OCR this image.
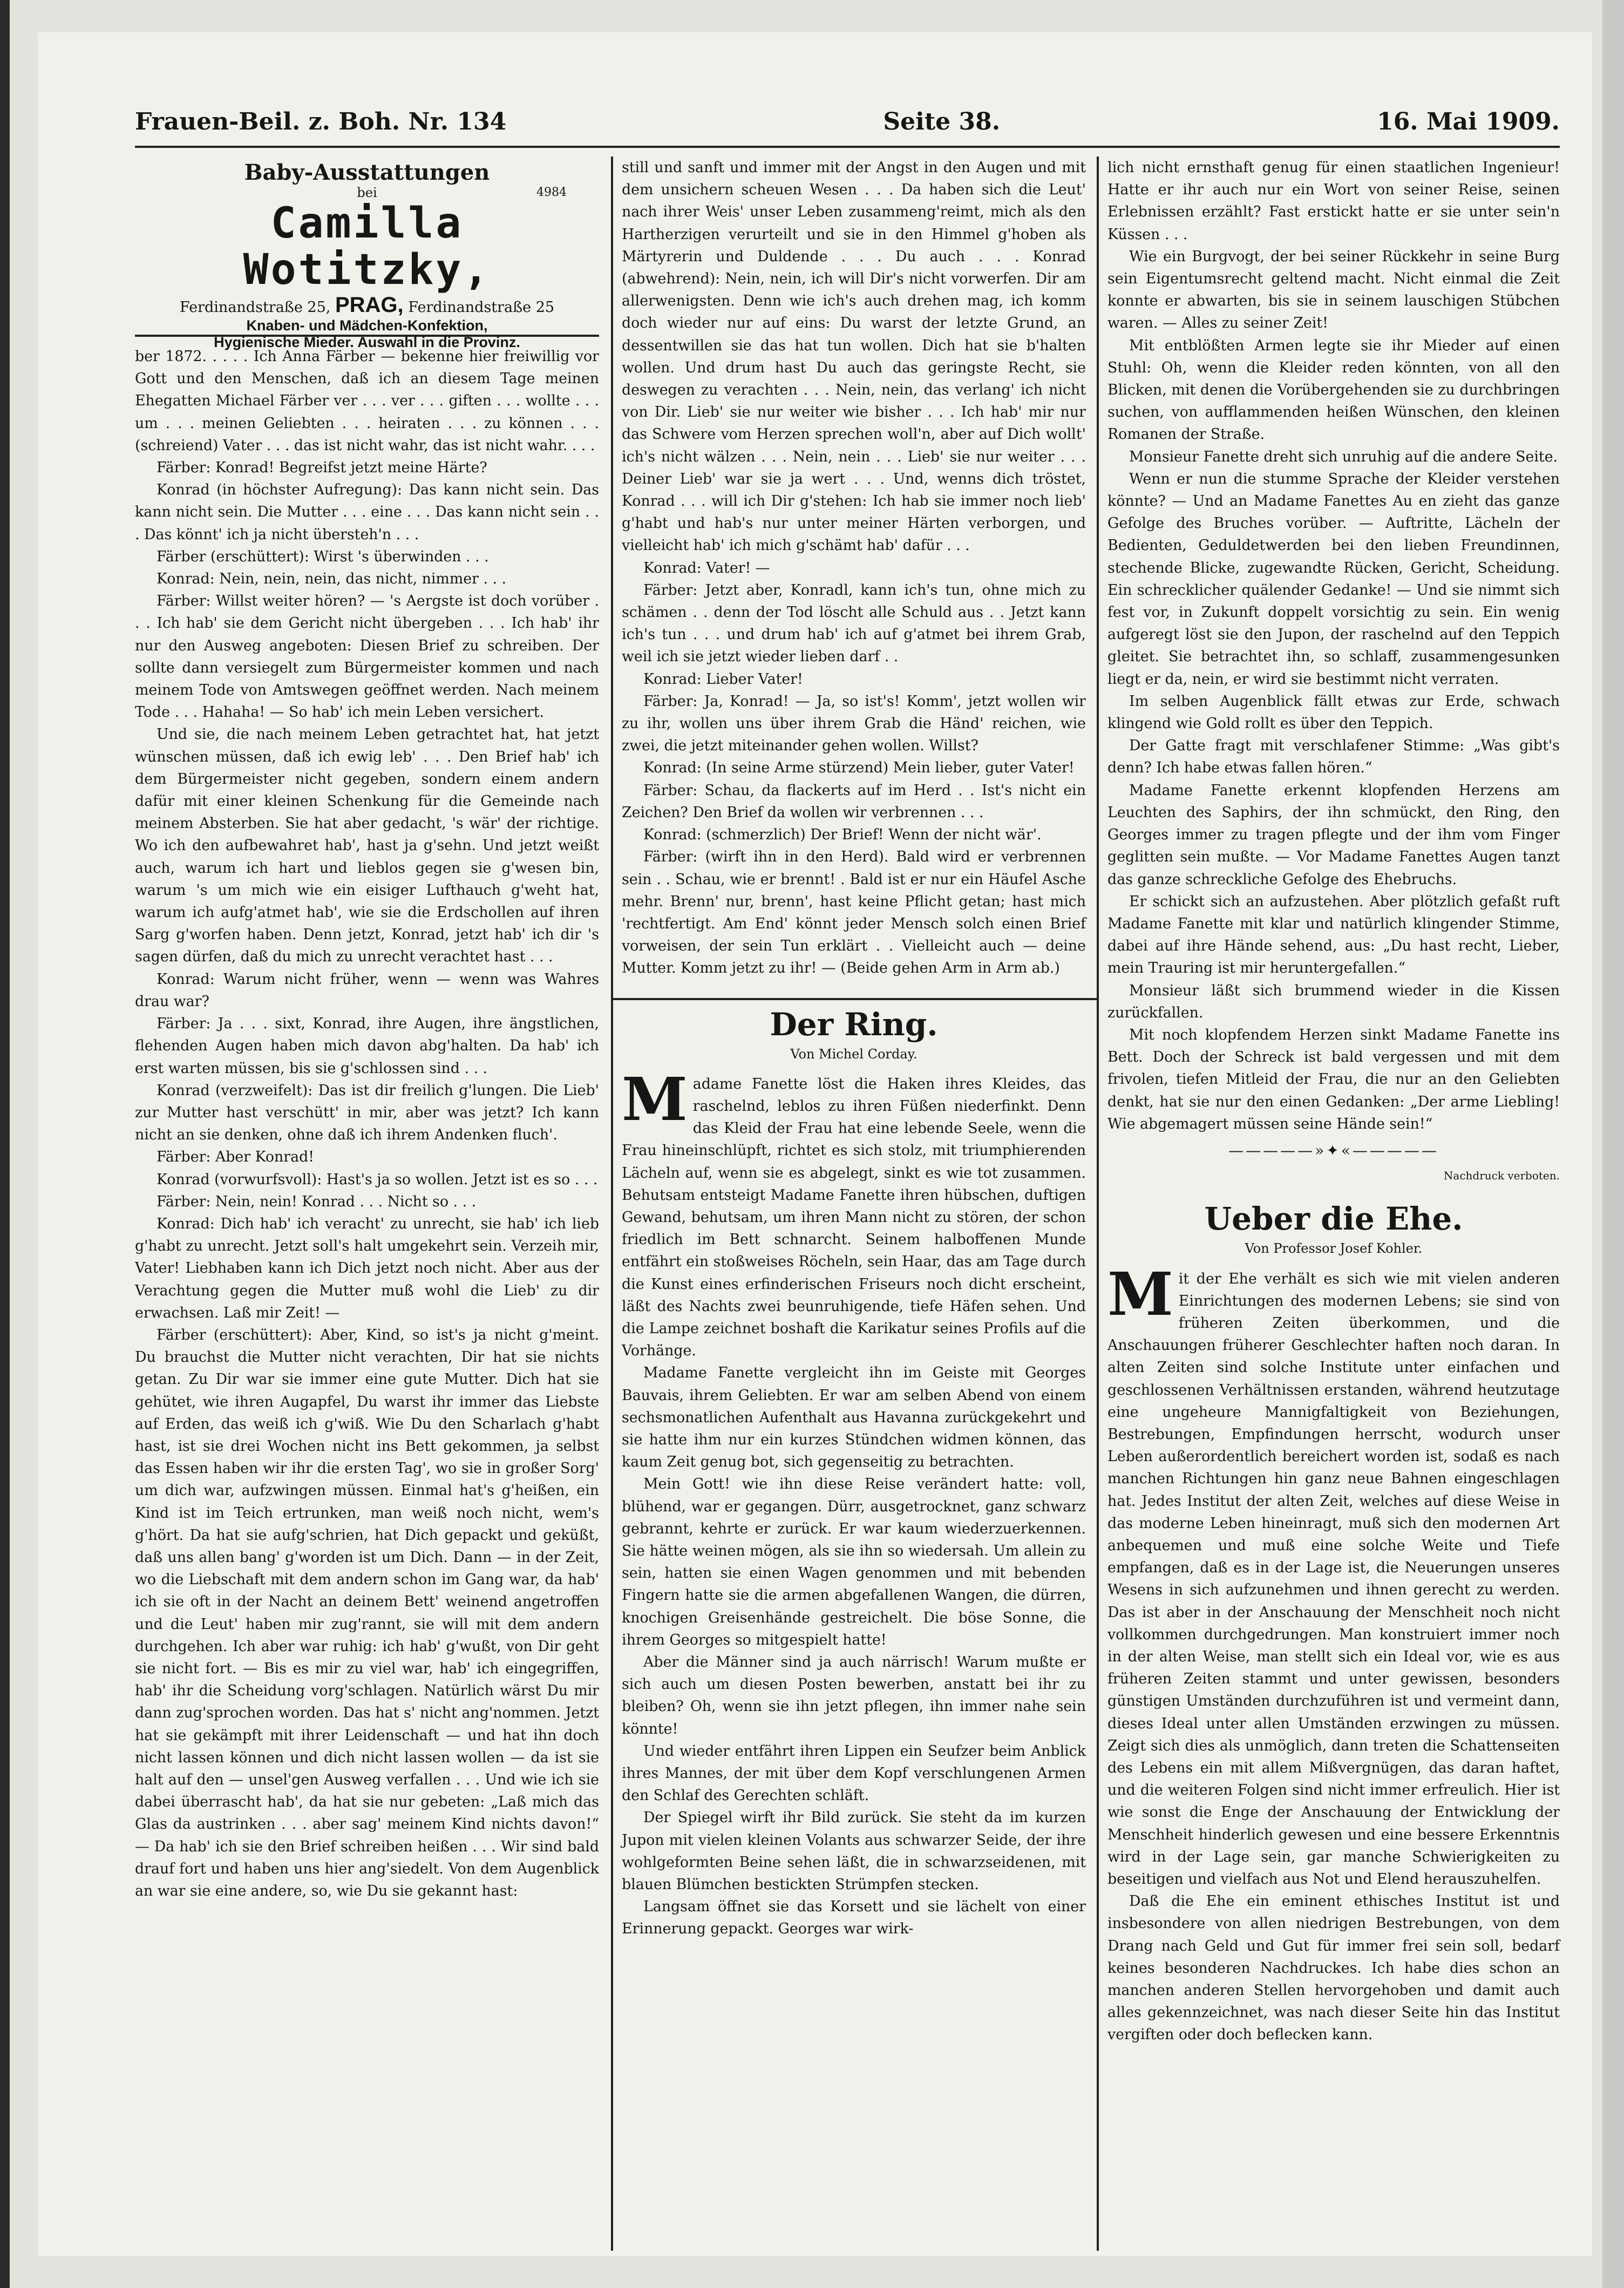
Frauen-Beil. z. Boh. Nr. 134	Seite 38.	16. Mai 1909.
Baby-Ausstattungen
bei	4984
Camilla Wotitzky,
Ferdinandstraße 25, PRAG, Ferdinandstraße 25
Knaben- und Mädchen-Konfektion,
Hygienische Mieder. Auswahl in die Provinz.

ber 1872. . . . . Ich Anna Färber — bekenne hier freiwillig vor Gott und den Menschen, daß ich an diesem Tage meinen Ehegatten Michael Färber ver . . . ver . . . giften . . . wollte . . . um . . . meinen Geliebten . . . heiraten . . . zu können . . . (schreiend) Vater . . . das ist nicht wahr, das ist nicht wahr. . . .

Färber: Konrad! Begreifst jetzt meine Härte?

Konrad (in höchster Aufregung): Das kann nicht sein. Das kann nicht sein. Die Mutter . . . eine . . . Das kann nicht sein . . . Das könnt' ich ja nicht übersteh'n . . .

Färber (erschüttert): Wirst 's überwinden . . .

Konrad: Nein, nein, nein, das nicht, nimmer . . .

Färber: Willst weiter hören? — 's Aergste ist doch vorüber . . . Ich hab' sie dem Gericht nicht übergeben . . . Ich hab' ihr nur den Ausweg angeboten: Diesen Brief zu schreiben. Der sollte dann versiegelt zum Bürgermeister kommen und nach meinem Tode von Amtswegen geöffnet werden. Nach meinem Tode . . . Hahaha! — So hab' ich mein Leben versichert.

Und sie, die nach meinem Leben getrachtet hat, hat jetzt wünschen müssen, daß ich ewig leb' . . . Den Brief hab' ich dem Bürgermeister nicht gegeben, sondern einem andern dafür mit einer kleinen Schenkung für die Gemeinde nach meinem Absterben. Sie hat aber gedacht, 's wär' der richtige. Wo ich den aufbewahret hab', hast ja g'sehn. Und jetzt weißt auch, warum ich hart und lieblos gegen sie g'wesen bin, warum 's um mich wie ein eisiger Lufthauch g'weht hat, warum ich aufg'atmet hab', wie sie die Erdschollen auf ihren Sarg g'worfen haben. Denn jetzt, Konrad, jetzt hab' ich dir 's sagen dürfen, daß du mich zu unrecht verachtet hast . . .

Konrad: Warum nicht früher, wenn — wenn was Wahres drau war?

Färber: Ja . . . sixt, Konrad, ihre Augen, ihre ängstlichen, flehenden Augen haben mich davon abg'halten. Da hab' ich erst warten müssen, bis sie g'schlossen sind . . .

Konrad (verzweifelt): Das ist dir freilich g'lungen. Die Lieb' zur Mutter hast verschütt' in mir, aber was jetzt? Ich kann nicht an sie denken, ohne daß ich ihrem Andenken fluch'.

Färber: Aber Konrad!

Konrad (vorwurfsvoll): Hast's ja so wollen. Jetzt ist es so . . .

Färber: Nein, nein! Konrad . . . Nicht so . . .

Konrad: Dich hab' ich veracht' zu unrecht, sie hab' ich lieb g'habt zu unrecht. Jetzt soll's halt umgekehrt sein. Verzeih mir, Vater! Liebhaben kann ich Dich jetzt noch nicht. Aber aus der Verachtung gegen die Mutter muß wohl die Lieb' zu dir erwachsen. Laß mir Zeit! —

Färber (erschüttert): Aber, Kind, so ist's ja nicht g'meint. Du brauchst die Mutter nicht verachten, Dir hat sie nichts getan. Zu Dir war sie immer eine gute Mutter. Dich hat sie gehütet, wie ihren Augapfel, Du warst ihr immer das Liebste auf Erden, das weiß ich g'wiß. Wie Du den Scharlach g'habt hast, ist sie drei Wochen nicht ins Bett gekommen, ja selbst das Essen haben wir ihr die ersten Tag', wo sie in großer Sorg' um dich war, aufzwingen müssen. Einmal hat's g'heißen, ein Kind ist im Teich ertrunken, man weiß noch nicht, wem's g'hört. Da hat sie aufg'schrien, hat Dich gepackt und geküßt, daß uns allen bang' g'worden ist um Dich. Dann — in der Zeit, wo die Liebschaft mit dem andern schon im Gang war, da hab' ich sie oft in der Nacht an deinem Bett' weinend angetroffen und die Leut' haben mir zug'rannt, sie will mit dem andern durchgehen. Ich aber war ruhig: ich hab' g'wußt, von Dir geht sie nicht fort. — Bis es mir zu viel war, hab' ich eingegriffen, hab' ihr die Scheidung vorg'schlagen. Natürlich wärst Du mir dann zug'sprochen worden. Das hat s' nicht ang'nommen. Jetzt hat sie gekämpft mit ihrer Leidenschaft — und hat ihn doch nicht lassen können und dich nicht lassen wollen — da ist sie halt auf den — unsel'gen Ausweg verfallen . . . Und wie ich sie dabei überrascht hab', da hat sie nur gebeten: „Laß mich das Glas da austrinken . . . aber sag' meinem Kind nichts davon!“ — Da hab' ich sie den Brief schreiben heißen . . . Wir sind bald drauf fort und haben uns hier ang'siedelt. Von dem Augenblick an war sie eine andere, so, wie Du sie gekannt hast:

still und sanft und immer mit der Angst in den Augen und mit dem unsichern scheuen Wesen . . . Da haben sich die Leut' nach ihrer Weis' unser Leben zusammeng'reimt, mich als den Hartherzigen verurteilt und sie in den Himmel g'hoben als Märtyrerin und Duldende . . . Du auch . . . Konrad (abwehrend): Nein, nein, ich will Dir's nicht vorwerfen. Dir am allerwenigsten. Denn wie ich's auch drehen mag, ich komm doch wieder nur auf eins: Du warst der letzte Grund, an dessentwillen sie das hat tun wollen. Dich hat sie b'halten wollen. Und drum hast Du auch das geringste Recht, sie deswegen zu verachten . . . Nein, nein, das verlang' ich nicht von Dir. Lieb' sie nur weiter wie bisher . . . Ich hab' mir nur das Schwere vom Herzen sprechen woll'n, aber auf Dich wollt' ich's nicht wälzen . . . Nein, nein . . . Lieb' sie nur weiter . . . Deiner Lieb' war sie ja wert . . . Und, wenns dich tröstet, Konrad . . . will ich Dir g'stehen: Ich hab sie immer noch lieb' g'habt und hab's nur unter meiner Härten verborgen, und vielleicht hab' ich mich g'schämt hab' dafür . . .

Konrad: Vater! —

Färber: Jetzt aber, Konradl, kann ich's tun, ohne mich zu schämen . . denn der Tod löscht alle Schuld aus . . Jetzt kann ich's tun . . . und drum hab' ich auf g'atmet bei ihrem Grab, weil ich sie jetzt wieder lieben darf . .

Konrad: Lieber Vater!

Färber: Ja, Konrad! — Ja, so ist's! Komm', jetzt wollen wir zu ihr, wollen uns über ihrem Grab die Händ' reichen, wie zwei, die jetzt miteinander gehen wollen. Willst?

Konrad: (In seine Arme stürzend) Mein lieber, guter Vater!

Färber: Schau, da flackerts auf im Herd . . Ist's nicht ein Zeichen? Den Brief da wollen wir verbrennen . . .

Konrad: (schmerzlich) Der Brief! Wenn der nicht wär'.

Färber: (wirft ihn in den Herd). Bald wird er verbrennen sein . . Schau, wie er brennt! . Bald ist er nur ein Häufel Asche mehr. Brenn' nur, brenn', hast keine Pflicht getan; hast mich 'rechtfertigt. Am End' könnt jeder Mensch solch einen Brief vorweisen, der sein Tun erklärt . . Vielleicht auch — deine Mutter. Komm jetzt zu ihr! — (Beide gehen Arm in Arm ab.)

Der Ring.
Von Michel Corday.

Madame Fanette löst die Haken ihres Kleides, das raschelnd, leblos zu ihren Füßen niederfinkt. Denn das Kleid der Frau hat eine lebende Seele, wenn die Frau hineinschlüpft, richtet es sich stolz, mit triumphierenden Lächeln auf, wenn sie es abgelegt, sinkt es wie tot zusammen. Behutsam entsteigt Madame Fanette ihren hübschen, duftigen Gewand, behutsam, um ihren Mann nicht zu stören, der schon friedlich im Bett schnarcht. Seinem halboffenen Munde entfährt ein stoßweises Röcheln, sein Haar, das am Tage durch die Kunst eines erfinderischen Friseurs noch dicht erscheint, läßt des Nachts zwei beunruhigende, tiefe Häfen sehen. Und die Lampe zeichnet boshaft die Karikatur seines Profils auf die Vorhänge.

Madame Fanette vergleicht ihn im Geiste mit Georges Bauvais, ihrem Geliebten. Er war am selben Abend von einem sechsmonatlichen Aufenthalt aus Havanna zurückgekehrt und sie hatte ihm nur ein kurzes Stündchen widmen können, das kaum Zeit genug bot, sich gegenseitig zu betrachten.

Mein Gott! wie ihn diese Reise verändert hatte: voll, blühend, war er gegangen. Dürr, ausgetrocknet, ganz schwarz gebrannt, kehrte er zurück. Er war kaum wiederzuerkennen. Sie hätte weinen mögen, als sie ihn so wiedersah. Um allein zu sein, hatten sie einen Wagen genommen und mit bebenden Fingern hatte sie die armen abgefallenen Wangen, die dürren, knochigen Greisenhände gestreichelt. Die böse Sonne, die ihrem Georges so mitgespielt hatte!

Aber die Männer sind ja auch närrisch! Warum mußte er sich auch um diesen Posten bewerben, anstatt bei ihr zu bleiben? Oh, wenn sie ihn jetzt pflegen, ihn immer nahe sein könnte!

Und wieder entfährt ihren Lippen ein Seufzer beim Anblick ihres Mannes, der mit über dem Kopf verschlungenen Armen den Schlaf des Gerechten schläft.

Der Spiegel wirft ihr Bild zurück. Sie steht da im kurzen Jupon mit vielen kleinen Volants aus schwarzer Seide, der ihre wohlgeformten Beine sehen läßt, die in schwarzseidenen, mit blauen Blümchen bestickten Strümpfen stecken.

Langsam öffnet sie das Korsett und sie lächelt von einer Erinnerung gepackt. Georges war wirk-

lich nicht ernsthaft genug für einen staatlichen Ingenieur! Hatte er ihr auch nur ein Wort von seiner Reise, seinen Erlebnissen erzählt? Fast erstickt hatte er sie unter sein'n Küssen . . .

Wie ein Burgvogt, der bei seiner Rückkehr in seine Burg sein Eigentumsrecht geltend macht. Nicht einmal die Zeit konnte er abwarten, bis sie in seinem lauschigen Stübchen waren. — Alles zu seiner Zeit!

Mit entblößten Armen legte sie ihr Mieder auf einen Stuhl: Oh, wenn die Kleider reden könnten, von all den Blicken, mit denen die Vorübergehenden sie zu durchbringen suchen, von aufflammenden heißen Wünschen, den kleinen Romanen der Straße.

Monsieur Fanette dreht sich unruhig auf die andere Seite.

Wenn er nun die stumme Sprache der Kleider verstehen könnte? — Und an Madame Fanettes Au en zieht das ganze Gefolge des Bruches vorüber. — Auftritte, Lächeln der Bedienten, Geduldetwerden bei den lieben Freundinnen, stechende Blicke, zugewandte Rücken, Gericht, Scheidung. Ein schrecklicher quälender Gedanke! — Und sie nimmt sich fest vor, in Zukunft doppelt vorsichtig zu sein. Ein wenig aufgeregt löst sie den Jupon, der raschelnd auf den Teppich gleitet. Sie betrachtet ihn, so schlaff, zusammengesunken liegt er da, nein, er wird sie bestimmt nicht verraten.

Im selben Augenblick fällt etwas zur Erde, schwach klingend wie Gold rollt es über den Teppich.

Der Gatte fragt mit verschlafener Stimme: „Was gibt's denn? Ich habe etwas fallen hören.“

Madame Fanette erkennt klopfenden Herzens am Leuchten des Saphirs, der ihn schmückt, den Ring, den Georges immer zu tragen pflegte und der ihm vom Finger geglitten sein mußte. — Vor Madame Fanettes Augen tanzt das ganze schreckliche Gefolge des Ehebruchs.

Er schickt sich an aufzustehen. Aber plötzlich gefaßt ruft Madame Fanette mit klar und natürlich klingender Stimme, dabei auf ihre Hände sehend, aus: „Du hast recht, Lieber, mein Trauring ist mir heruntergefallen.“

Monsieur läßt sich brummend wieder in die Kissen zurückfallen.

Mit noch klopfendem Herzen sinkt Madame Fanette ins Bett. Doch der Schreck ist bald vergessen und mit dem frivolen, tiefen Mitleid der Frau, die nur an den Geliebten denkt, hat sie nur den einen Gedanken: „Der arme Liebling! Wie abgemagert müssen seine Hände sein!“

—————»✦«—————
Nachdruck verboten.
Ueber die Ehe.
Von Professor Josef Kohler.

Mit der Ehe verhält es sich wie mit vielen anderen Einrichtungen des modernen Lebens; sie sind von früheren Zeiten überkommen, und die Anschauungen früherer Geschlechter haften noch daran. In alten Zeiten sind solche Institute unter einfachen und geschlossenen Verhältnissen erstanden, während heutzutage eine ungeheure Mannigfaltigkeit von Beziehungen, Bestrebungen, Empfindungen herrscht, wodurch unser Leben außerordentlich bereichert worden ist, sodaß es nach manchen Richtungen hin ganz neue Bahnen eingeschlagen hat. Jedes Institut der alten Zeit, welches auf diese Weise in das moderne Leben hineinragt, muß sich den modernen Art anbequemen und muß eine solche Weite und Tiefe empfangen, daß es in der Lage ist, die Neuerungen unseres Wesens in sich aufzunehmen und ihnen gerecht zu werden. Das ist aber in der Anschauung der Menschheit noch nicht vollkommen durchgedrungen. Man konstruiert immer noch in der alten Weise, man stellt sich ein Ideal vor, wie es aus früheren Zeiten stammt und unter gewissen, besonders günstigen Umständen durchzuführen ist und vermeint dann, dieses Ideal unter allen Umständen erzwingen zu müssen. Zeigt sich dies als unmöglich, dann treten die Schattenseiten des Lebens ein mit allem Mißvergnügen, das daran haftet, und die weiteren Folgen sind nicht immer erfreulich. Hier ist wie sonst die Enge der Anschauung der Entwicklung der Menschheit hinderlich gewesen und eine bessere Erkenntnis wird in der Lage sein, gar manche Schwierigkeiten zu beseitigen und vielfach aus Not und Elend herauszuhelfen.

Daß die Ehe ein eminent ethisches Institut ist und insbesondere von allen niedrigen Bestrebungen, von dem Drang nach Geld und Gut für immer frei sein soll, bedarf keines besonderen Nachdruckes. Ich habe dies schon an manchen anderen Stellen hervorgehoben und damit auch alles gekennzeichnet, was nach dieser Seite hin das Institut vergiften oder doch beflecken kann.
